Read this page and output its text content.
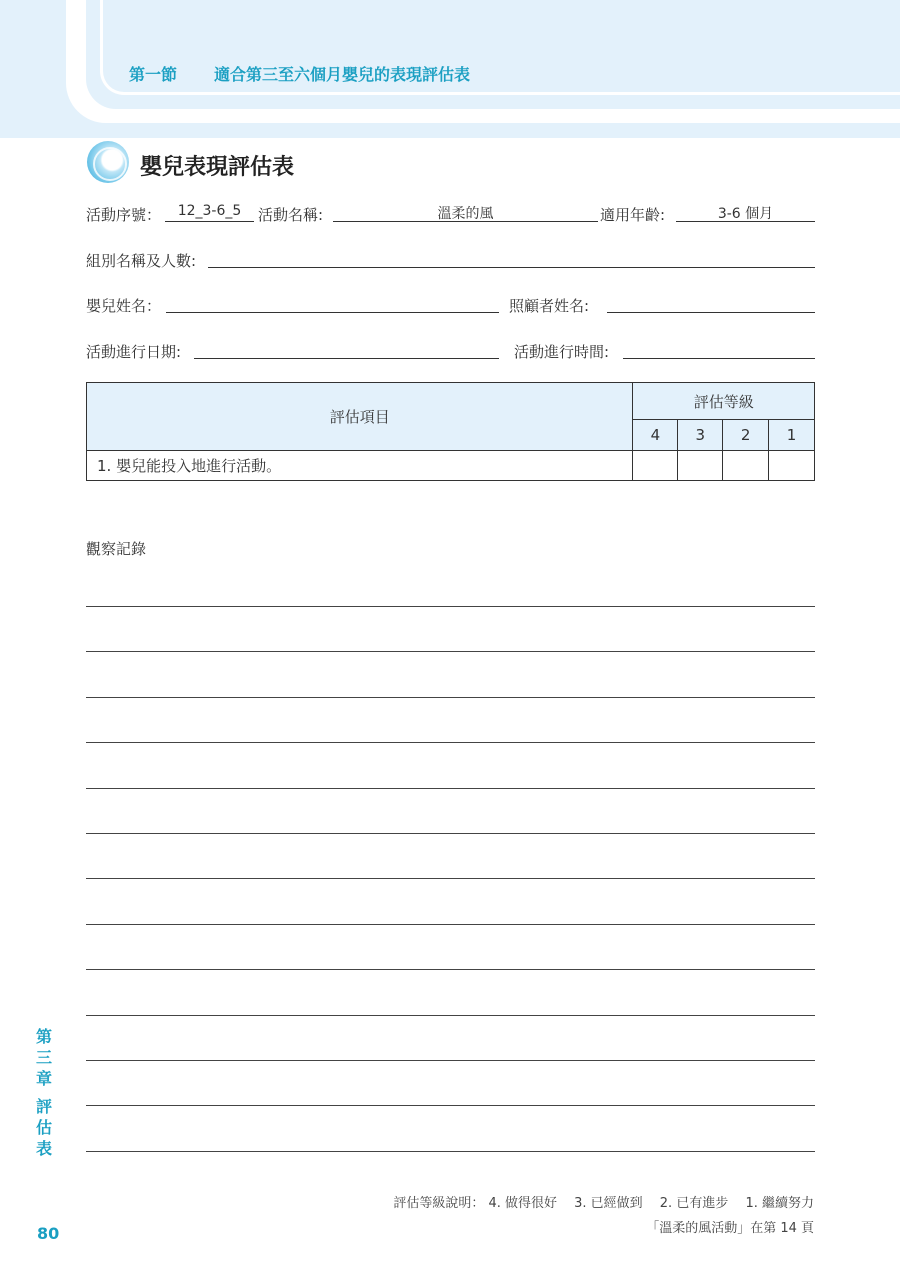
第一節 適合第三至六個月嬰兒的表現評估表
嬰兒表現評估表
活動序號：	12_3-6_5	活動名稱:	溫柔的風	適用年齡:	3-6 個月
組別名稱及人數:
嬰兒姓名：	照顧者姓名:
活動進行日期:	活動進行時間:
評估項目	評估等級			
	4	3	2	1
1. 嬰兒能投入地進行活動。				
觀察記錄
第
三
章
評
估
表
80
評估等級說明： 4. 做得很好　 3. 已經做到　 2. 已有進步　 1. 繼續努力
「溫柔的風活動」在第 14 頁
